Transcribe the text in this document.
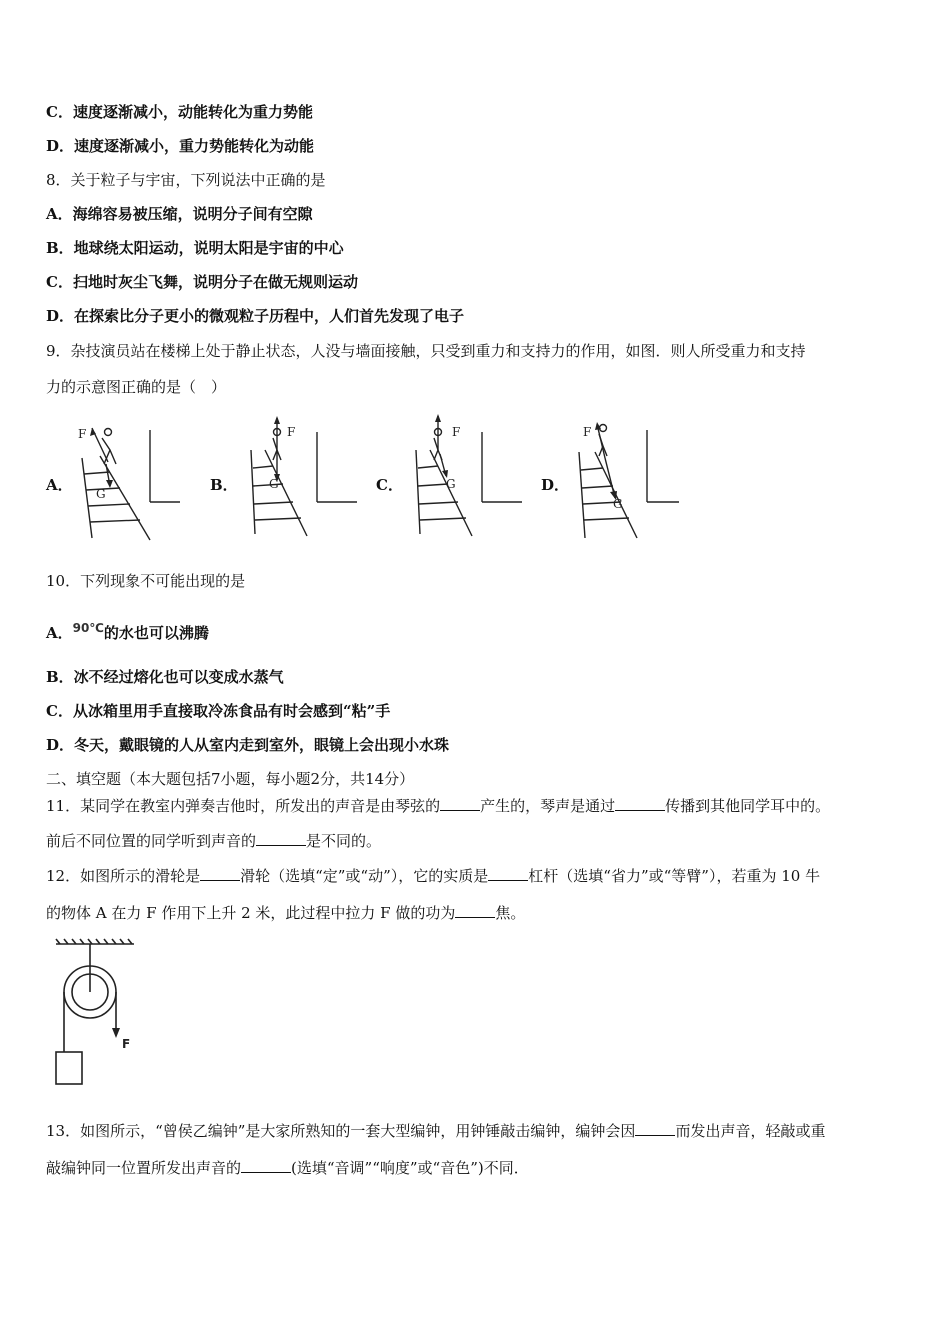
C．速度逐渐减小，动能转化为重力势能
D．速度逐渐减小，重力势能转化为动能
8．关于粒子与宇宙，下列说法中正确的是
A．海绵容易被压缩，说明分子间有空隙
B．地球绕太阳运动，说明太阳是宇宙的中心
C．扫地时灰尘飞舞，说明分子在做无规则运动
D．在探索比分子更小的微观粒子历程中，人们首先发现了电子
9．杂技演员站在楼梯上处于静止状态，人没与墙面接触，只受到重力和支持力的作用，如图．则人所受重力和支持
力的示意图正确的是（　）
A．	B．	C．	D．
F
G
F
G
F
G
F
G
10．下列现象不可能出现的是
A．$^{90℃}$的水也可以沸腾
B．冰不经过熔化也可以变成水蒸气
C．从冰箱里用手直接取冷冻食品有时会感到“粘”手
D．冬天，戴眼镜的人从室内走到室外，眼镜上会出现小水珠
二、填空题（本大题包括7小题，每小题2分，共14分）
11．某同学在教室内弹奏吉他时，所发出的声音是由琴弦的	产生的，琴声是通过	传播到其他同学耳中的。
前后不同位置的同学听到声音的	是不同的。
12．如图所示的滑轮是	滑轮（选填“定”或“动”），它的实质是	杠杆（选填“省力”或“等臂”），若重为 10 牛
的物体 A 在力 F 作用下上升 2 米，此过程中拉力 F 做的功为	焦。
F
13．如图所示，“曾侯乙编钟”是大家所熟知的一套大型编钟，用钟锤敲击编钟，编钟会因	而发出声音，轻敲或重
敲编钟同一位置所发出声音的	(选填“音调”“响度”或“音色”)不同．
